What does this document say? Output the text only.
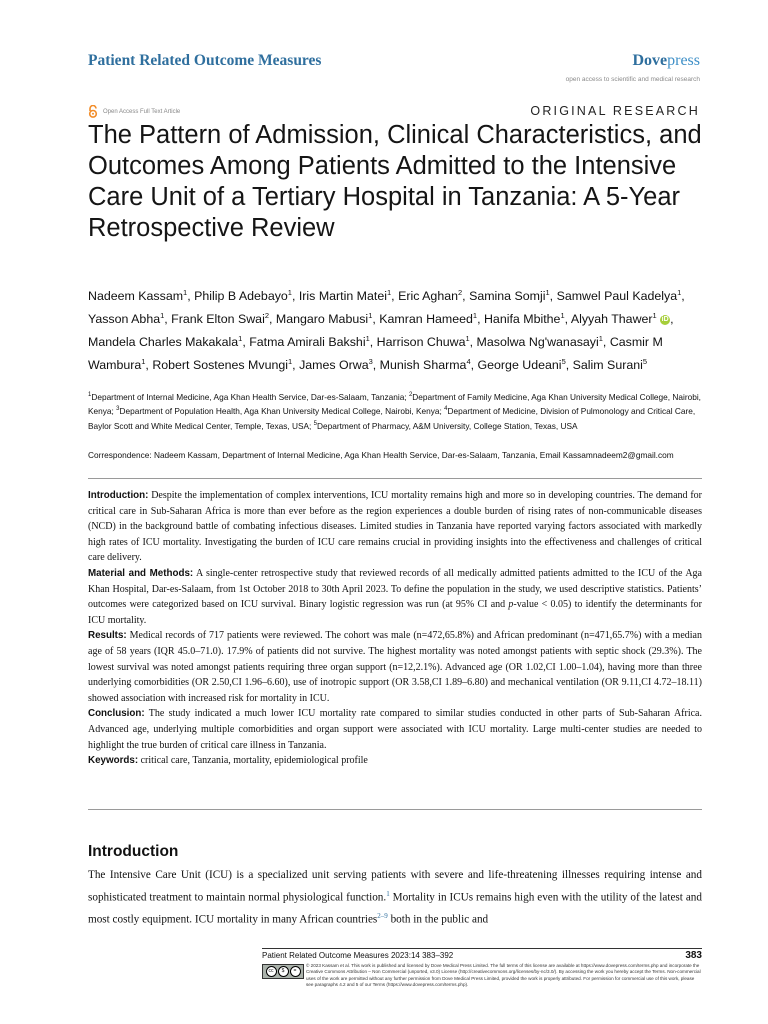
Patient Related Outcome Measures	Dovepress
open access to scientific and medical research
Open Access Full Text Article	ORIGINAL RESEARCH
The Pattern of Admission, Clinical Characteristics, and Outcomes Among Patients Admitted to the Intensive Care Unit of a Tertiary Hospital in Tanzania: A 5-Year Retrospective Review
Nadeem Kassam$^1$, Philip B Adebayo$^1$, Iris Martin Matei$^1$, Eric Aghan$^2$, Samina Somji$^1$, Samwel Paul Kadelya$^1$, Yasson Abha$^1$, Frank Elton Swai$^2$, Mangaro Mabusi$^1$, Kamran Hameed$^1$, Hanifa Mbithe$^1$, Alyyah Thawer$^1$ iD , Mandela Charles Makakala$^1$, Fatma Amirali Bakshi$^1$, Harrison Chuwa$^1$, Masolwa Ng'wanasayi$^1$, Casmir M Wambura$^1$, Robert Sostenes Mvungi$^1$, James Orwa$^3$, Munish Sharma$^4$, George Udeani$^5$, Salim Surani$^5$
$^1$Department of Internal Medicine, Aga Khan Health Service, Dar-es-Salaam, Tanzania; $^2$Department of Family Medicine, Aga Khan University Medical College, Nairobi, Kenya; $^3$Department of Population Health, Aga Khan University Medical College, Nairobi, Kenya; $^4$Department of Medicine, Division of Pulmonology and Critical Care, Baylor Scott and White Medical Center, Temple, Texas, USA; $^5$Department of Pharmacy, A&M University, College Station, Texas, USA
Correspondence: Nadeem Kassam, Department of Internal Medicine, Aga Khan Health Service, Dar-es-Salaam, Tanzania, Email Kassamnadeem2@gmail.com

Introduction: Despite the implementation of complex interventions, ICU mortality remains high and more so in developing countries. The demand for critical care in Sub-Saharan Africa is more than ever before as the region experiences a double burden of rising rates of non-communicable diseases (NCD) in the background battle of combating infectious diseases. Limited studies in Tanzania have reported varying factors associated with markedly high rates of ICU mortality. Investigating the burden of ICU care remains crucial in providing insights into the effectiveness and challenges of critical care delivery.

Material and Methods: A single-center retrospective study that reviewed records of all medically admitted patients admitted to the ICU of the Aga Khan Hospital, Dar-es-Salaam, from 1st October 2018 to 30th April 2023. To define the population in the study, we used descriptive statistics. Patients’ outcomes were categorized based on ICU survival. Binary logistic regression was run (at 95% CI and p-value < 0.05) to identify the determinants for ICU mortality.

Results: Medical records of 717 patients were reviewed. The cohort was male (n=472,65.8%) and African predominant (n=471,65.7%) with a median age of 58 years (IQR 45.0–71.0). 17.9% of patients did not survive. The highest mortality was noted amongst patients with septic shock (29.3%). The lowest survival was noted amongst patients requiring three organ support (n=12,2.1%). Advanced age (OR 1.02,CI 1.00–1.04), having more than three underlying comorbidities (OR 2.50,CI 1.96–6.60), use of inotropic support (OR 3.58,CI 1.89–6.80) and mechanical ventilation (OR 9.11,CI 4.72–18.11) showed association with increased risk for mortality in ICU.

Conclusion: The study indicated a much lower ICU mortality rate compared to similar studies conducted in other parts of Sub-Saharan Africa. Advanced age, underlying multiple comorbidities and organ support were associated with ICU mortality. Large multi-center studies are needed to highlight the true burden of critical care illness in Tanzania.

Keywords: critical care, Tanzania, mortality, epidemiological profile

Introduction

The Intensive Care Unit (ICU) is a specialized unit serving patients with severe and life-threatening illnesses requiring intense and sophisticated treatment to maintain normal physiological function.$^1$ Mortality in ICUs remains high even with the utility of the latest and most costly equipment. ICU mortality in many African countries$^{2-9}$ both in the public and

Patient Related Outcome Measures 2023:14 383–392	383
cc	$	=
© 2023 Kassam et al. This work is published and licensed by Dove Medical Press Limited. The full terms of this license are available at https://www.dovepress.com/terms.php and incorporate the Creative Commons Attribution – Non Commercial (unported, v3.0) License (http://creativecommons.org/licenses/by-nc/3.0/). By accessing the work you hereby accept the Terms. Non-commercial uses of the work are permitted without any further permission from Dove Medical Press Limited, provided the work is properly attributed. For permission for commercial use of this work, please see paragraphs 4.2 and 5 of our Terms (https://www.dovepress.com/terms.php).
